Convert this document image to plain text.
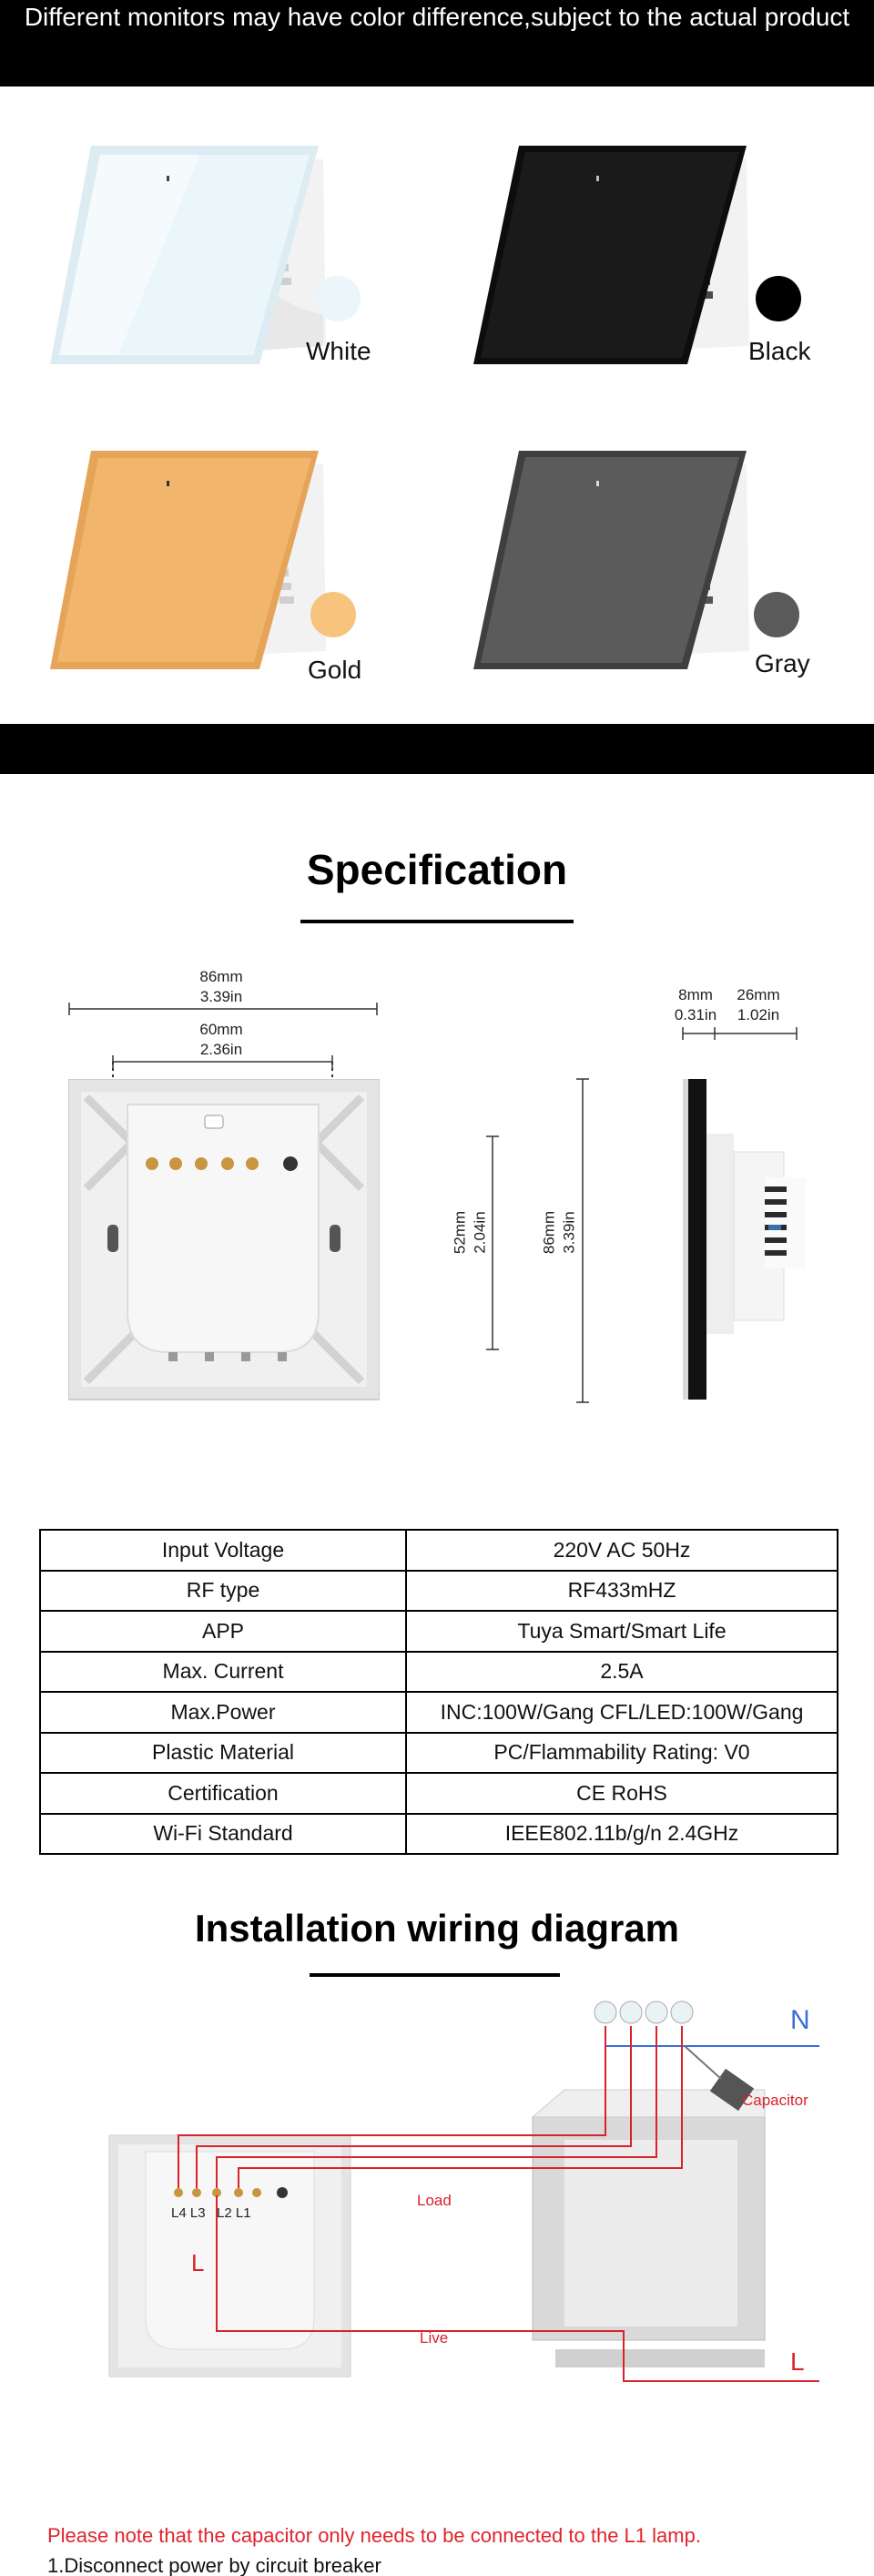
Different monitors may have color difference,subject to the actual product
White	Black
Gold	Gray
Specification
86mm
3.39in
60mm
2.36in
52mm 2.04in	86mm 3.39in
8mm
0.31in
26mm
1.02in
Input Voltage	220V AC 50Hz
RF type	RF433mHZ
APP	Tuya Smart/Smart Life
Max. Current	2.5A
Max.Power	INC:100W/Gang CFL/LED:100W/Gang
Plastic Material	PC/Flammability Rating: V0
Certification	CE RoHS
Wi-Fi Standard	IEEE802.11b/g/n 2.4GHz
Installation wiring diagram
N
Capacitor
L4 L3   L2 L1
Load
L
Live
L
Please note that the capacitor only needs to be connected to the L1 lamp.
1.Disconnect power by circuit breaker
